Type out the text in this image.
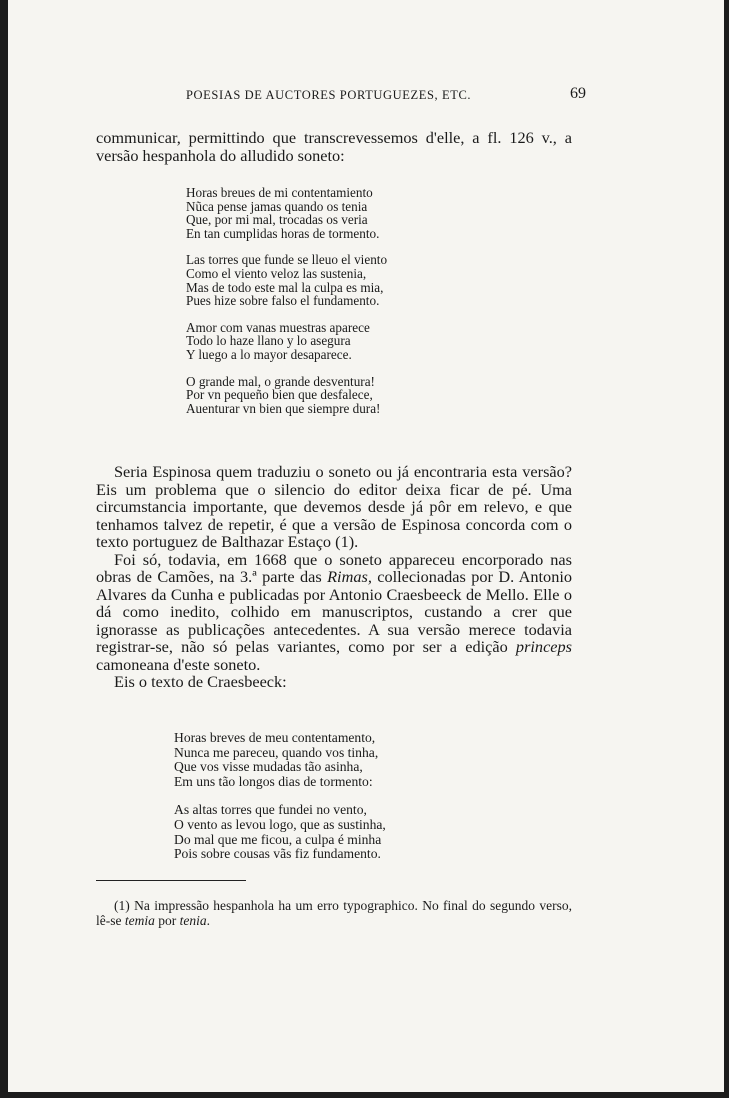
POESIAS DE AUCTORES PORTUGUEZES, ETC.	69

communicar, permittindo que transcrevessemos d'elle, a fl. 126 v., a versão hespanhola do alludido soneto:

Horas breues de mi contentamiento
Nũca pense jamas quando os tenia
Que, por mi mal, trocadas os veria
En tan cumplidas horas de tormento.
Las torres que funde se lleuo el viento
Como el viento veloz las sustenia,
Mas de todo este mal la culpa es mia,
Pues hize sobre falso el fundamento.
Amor com vanas muestras aparece
Todo lo haze llano y lo asegura
Y luego a lo mayor desaparece.
O grande mal, o grande desventura!
Por vn pequeño bien que desfalece,
Auenturar vn bien que siempre dura!

Seria Espinosa quem traduziu o soneto ou já encontraria esta versão? Eis um problema que o silencio do editor deixa ficar de pé. Uma circumstancia importante, que devemos desde já pôr em relevo, e que tenhamos talvez de repetir, é que a versão de Espinosa concorda com o texto portuguez de Balthazar Estaço (1).

Foi só, todavia, em 1668 que o soneto appareceu encorporado nas obras de Camões, na 3.ª parte das Rimas, collecionadas por D. Antonio Alvares da Cunha e publicadas por Antonio Craesbeeck de Mello. Elle o dá como inedito, colhido em manuscriptos, custando a crer que ignorasse as publicações antecedentes. A sua versão merece todavia registrar-se, não só pelas variantes, como por ser a edição princeps camoneana d'este soneto.

Eis o texto de Craesbeeck:

Horas breves de meu contentamento,
Nunca me pareceu, quando vos tinha,
Que vos visse mudadas tão asinha,
Em uns tão longos dias de tormento:
As altas torres que fundei no vento,
O vento as levou logo, que as sustinha,
Do mal que me ficou, a culpa é minha
Pois sobre cousas vãs fiz fundamento.

(1) Na impressão hespanhola ha um erro typographico. No final do segundo verso, lê-se temia por tenia.
